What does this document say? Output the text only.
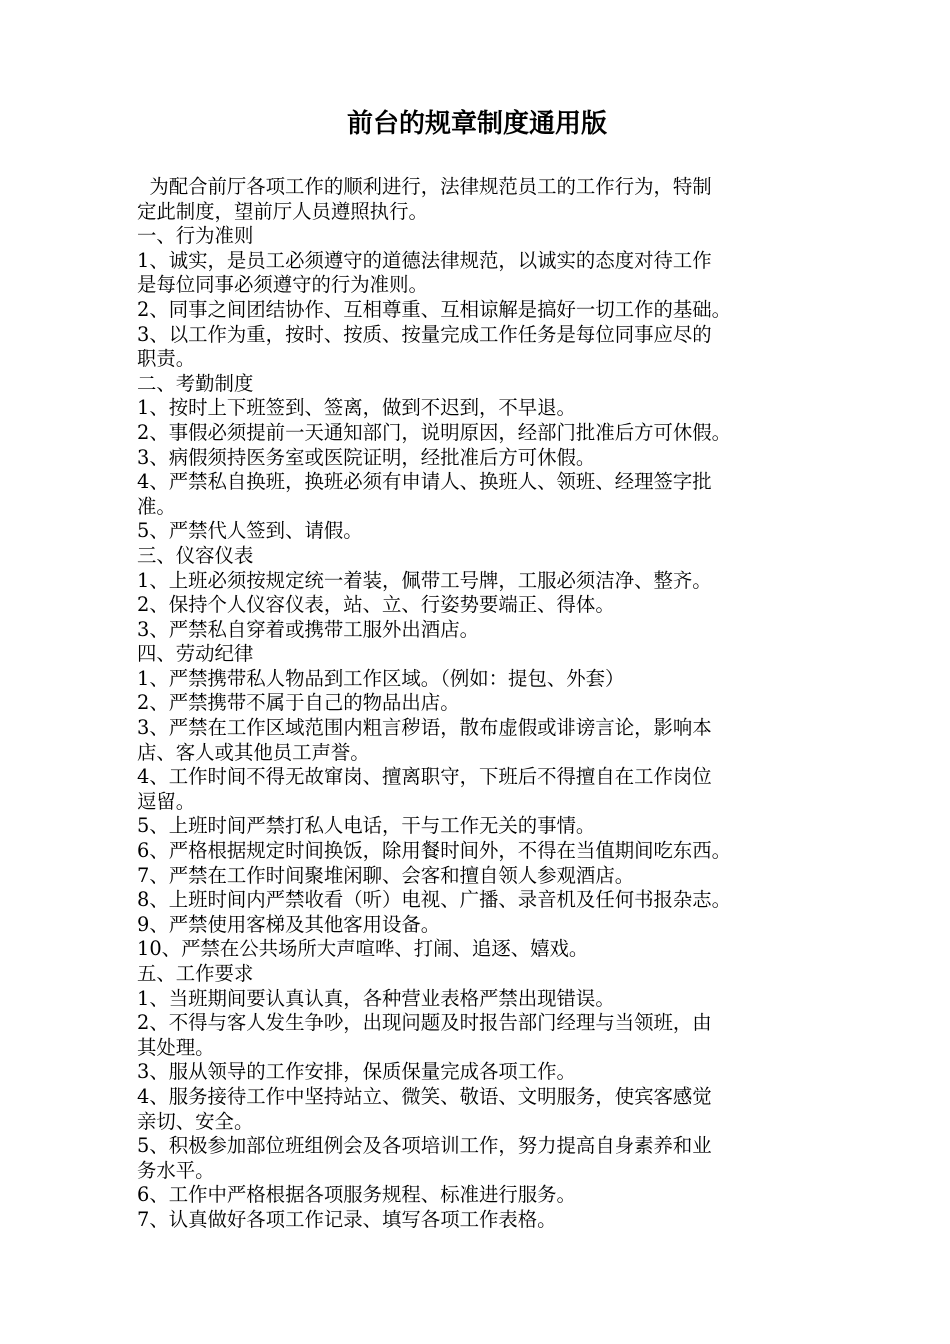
前台的规章制度通用版

为配合前厅各项工作的顺利进行，法律规范员工的工作行为，特制

定此制度，望前厅人员遵照执行。

一、行为准则

1、诚实，是员工必须遵守的道德法律规范，以诚实的态度对待工作

是每位同事必须遵守的行为准则。

2、同事之间团结协作、互相尊重、互相谅解是搞好一切工作的基础。

3、以工作为重，按时、按质、按量完成工作任务是每位同事应尽的

职责。

二、考勤制度

1、按时上下班签到、签离，做到不迟到，不早退。

2、事假必须提前一天通知部门，说明原因，经部门批准后方可休假。

3、病假须持医务室或医院证明，经批准后方可休假。

4、严禁私自换班，换班必须有申请人、换班人、领班、经理签字批

准。

5、严禁代人签到、请假。

三、仪容仪表

1、上班必须按规定统一着装，佩带工号牌，工服必须洁净、整齐。

2、保持个人仪容仪表，站、立、行姿势要端正、得体。

3、严禁私自穿着或携带工服外出酒店。

四、劳动纪律

1、严禁携带私人物品到工作区域。（例如：提包、外套）

2、严禁携带不属于自己的物品出店。

3、严禁在工作区域范围内粗言秽语，散布虚假或诽谤言论，影响本

店、客人或其他员工声誉。

4、工作时间不得无故窜岗、擅离职守，下班后不得擅自在工作岗位

逗留。

5、上班时间严禁打私人电话，干与工作无关的事情。

6、严格根据规定时间换饭，除用餐时间外，不得在当值期间吃东西。

7、严禁在工作时间聚堆闲聊、会客和擅自领人参观酒店。

8、上班时间内严禁收看（听）电视、广播、录音机及任何书报杂志。

9、严禁使用客梯及其他客用设备。

10、严禁在公共场所大声喧哗、打闹、追逐、嬉戏。

五、工作要求

1、当班期间要认真认真，各种营业表格严禁出现错误。

2、不得与客人发生争吵，出现问题及时报告部门经理与当领班，由

其处理。

3、服从领导的工作安排，保质保量完成各项工作。

4、服务接待工作中坚持站立、微笑、敬语、文明服务，使宾客感觉

亲切、安全。

5、积极参加部位班组例会及各项培训工作，努力提高自身素养和业

务水平。

6、工作中严格根据各项服务规程、标准进行服务。

7、认真做好各项工作记录、填写各项工作表格。
